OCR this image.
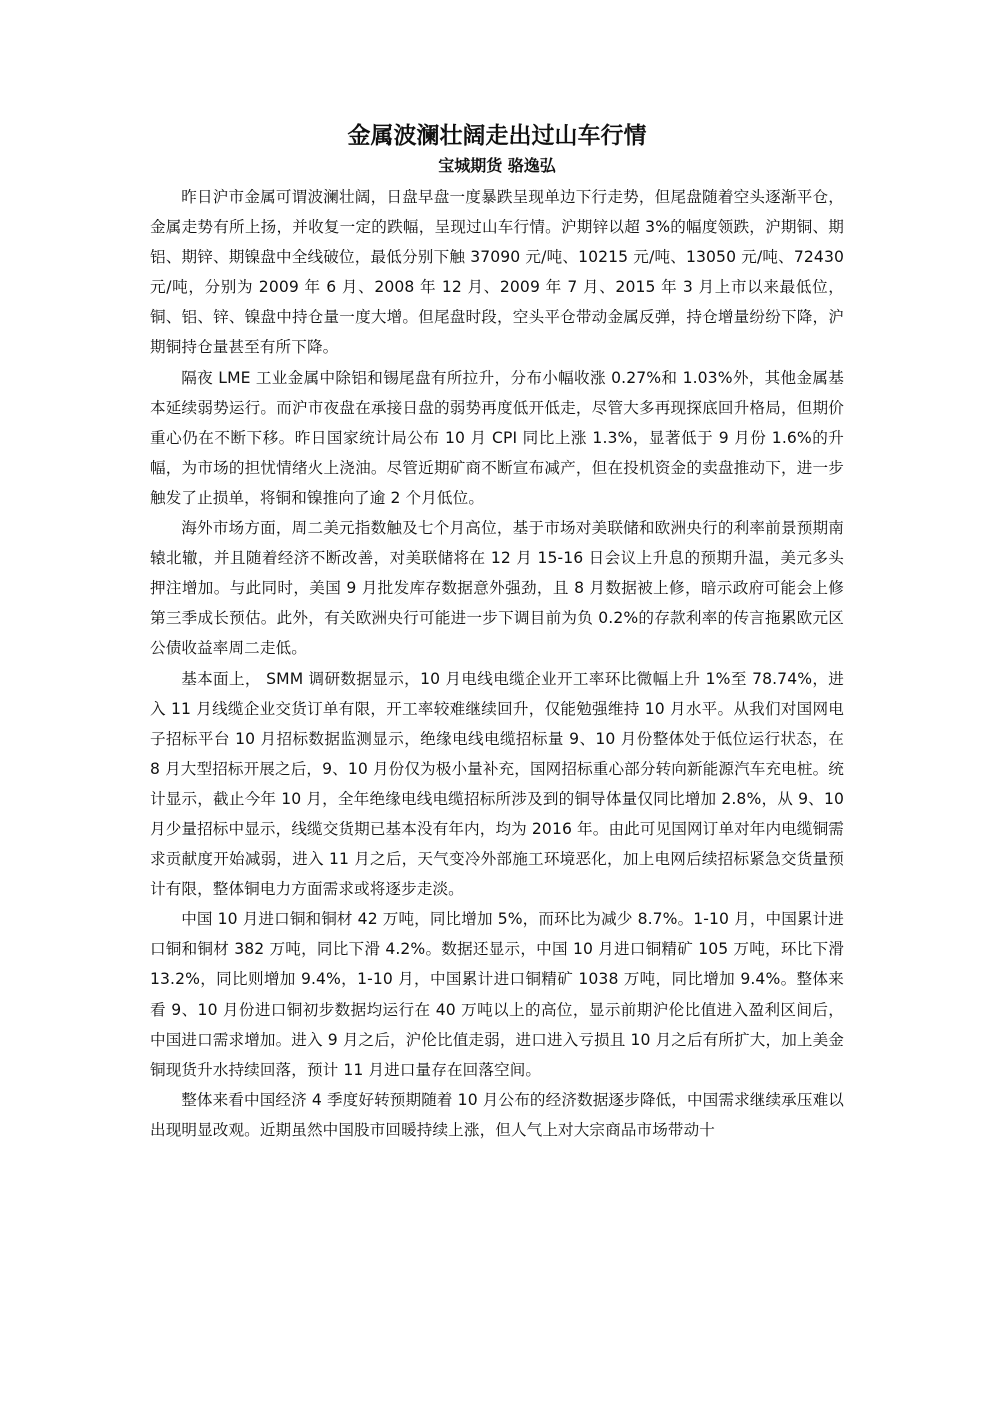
金属波澜壮阔走出过山车行情
宝城期货 骆逸弘

昨日沪市金属可谓波澜壮阔，日盘早盘一度暴跌呈现单边下行走势，但尾盘随着空头逐渐平仓，金属走势有所上扬，并收复一定的跌幅，呈现过山车行情。沪期锌以超 3%的幅度领跌，沪期铜、期铝、期锌、期镍盘中全线破位，最低分别下触 37090 元/吨、10215 元/吨、13050 元/吨、72430 元/吨，分别为 2009 年 6 月、2008 年 12 月、2009 年 7 月、2015 年 3 月上市以来最低位，铜、铝、锌、镍盘中持仓量一度大增。但尾盘时段，空头平仓带动金属反弹，持仓增量纷纷下降，沪期铜持仓量甚至有所下降。

隔夜 LME 工业金属中除铝和锡尾盘有所拉升，分布小幅收涨 0.27%和 1.03%外，其他金属基本延续弱势运行。而沪市夜盘在承接日盘的弱势再度低开低走，尽管大多再现探底回升格局，但期价重心仍在不断下移。昨日国家统计局公布 10 月 CPI 同比上涨 1.3%，显著低于 9 月份 1.6%的升幅，为市场的担忧情绪火上浇油。尽管近期矿商不断宣布减产，但在投机资金的卖盘推动下，进一步触发了止损单，将铜和镍推向了逾 2 个月低位。

海外市场方面，周二美元指数触及七个月高位，基于市场对美联储和欧洲央行的利率前景预期南辕北辙，并且随着经济不断改善，对美联储将在 12 月 15-16 日会议上升息的预期升温，美元多头押注增加。与此同时，美国 9 月批发库存数据意外强劲，且 8 月数据被上修，暗示政府可能会上修第三季成长预估。此外，有关欧洲央行可能进一步下调目前为负 0.2%的存款利率的传言拖累欧元区公债收益率周二走低。

基本面上， SMM 调研数据显示，10 月电线电缆企业开工率环比微幅上升 1%至 78.74%，进入 11 月线缆企业交货订单有限，开工率较难继续回升，仅能勉强维持 10 月水平。从我们对国网电子招标平台 10 月招标数据监测显示，绝缘电线电缆招标量 9、10 月份整体处于低位运行状态，在 8 月大型招标开展之后，9、10 月份仅为极小量补充，国网招标重心部分转向新能源汽车充电桩。统计显示，截止今年 10 月，全年绝缘电线电缆招标所涉及到的铜导体量仅同比增加 2.8%，从 9、10 月少量招标中显示，线缆交货期已基本没有年内，均为 2016 年。由此可见国网订单对年内电缆铜需求贡献度开始减弱，进入 11 月之后，天气变冷外部施工环境恶化，加上电网后续招标紧急交货量预计有限，整体铜电力方面需求或将逐步走淡。

中国 10 月进口铜和铜材 42 万吨，同比增加 5%，而环比为减少 8.7%。1-10 月，中国累计进口铜和铜材 382 万吨，同比下滑 4.2%。数据还显示，中国 10 月进口铜精矿 105 万吨，环比下滑 13.2%，同比则增加 9.4%，1-10 月，中国累计进口铜精矿 1038 万吨，同比增加 9.4%。整体来看 9、10 月份进口铜初步数据均运行在 40 万吨以上的高位，显示前期沪伦比值进入盈利区间后，中国进口需求增加。进入 9 月之后，沪伦比值走弱，进口进入亏损且 10 月之后有所扩大，加上美金铜现货升水持续回落，预计 11 月进口量存在回落空间。

整体来看中国经济 4 季度好转预期随着 10 月公布的经济数据逐步降低，中国需求继续承压难以出现明显改观。近期虽然中国股市回暖持续上涨，但人气上对大宗商品市场带动十
